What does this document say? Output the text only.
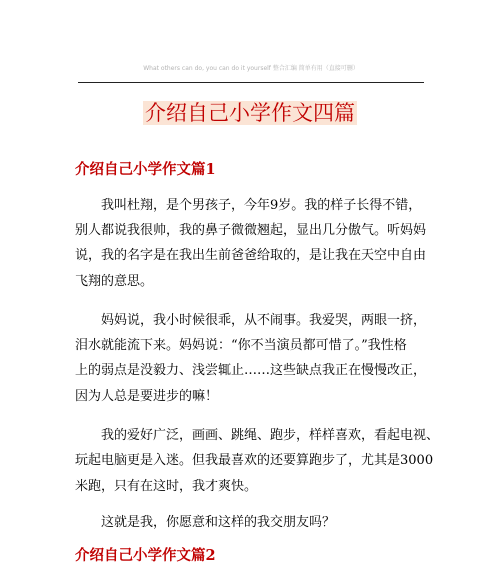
What others can do, you can do it yourself 整合汇编 简单有用（直接可删）
介绍自己小学作文四篇
介绍自己小学作文篇1
我叫杜翔，是个男孩子，今年9岁。我的样子长得不错，
别人都说我很帅，我的鼻子微微翘起，显出几分傲气。听妈妈
说，我的名字是在我出生前爸爸给取的，是让我在天空中自由
飞翔的意思。
妈妈说，我小时候很乖，从不闹事。我爱哭，两眼一挤，
泪水就能流下来。妈妈说：“你不当演员都可惜了。”我性格
上的弱点是没毅力、浅尝辄止……这些缺点我正在慢慢改正，
因为人总是要进步的嘛！
我的爱好广泛，画画、跳绳、跑步，样样喜欢，看起电视、
玩起电脑更是入迷。但我最喜欢的还要算跑步了，尤其是3000
米跑，只有在这时，我才爽快。
这就是我，你愿意和这样的我交朋友吗？
介绍自己小学作文篇2
